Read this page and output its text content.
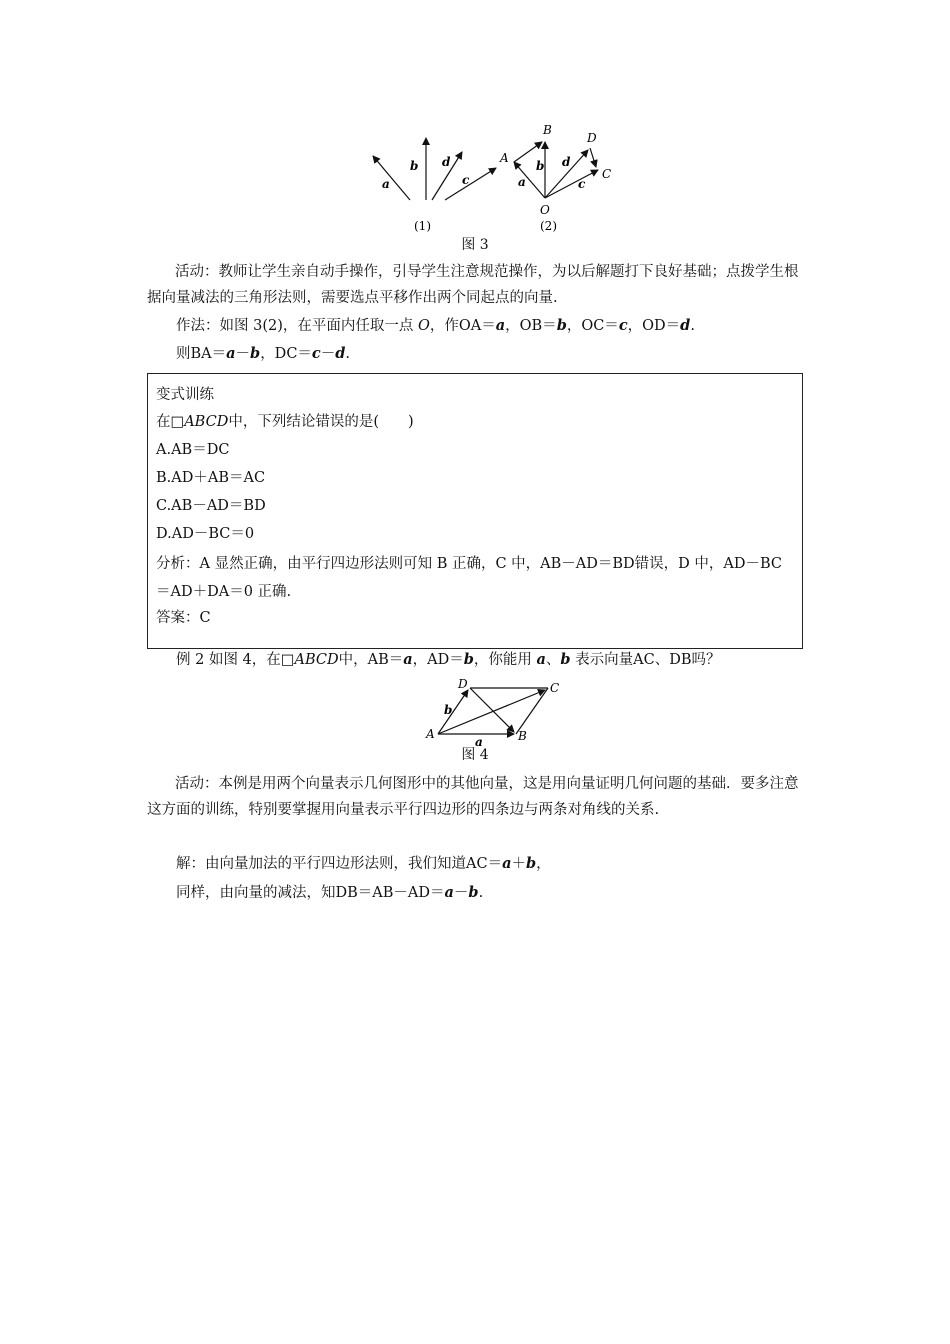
a
b d
c
(1)
A
B
D
C
O
a
b d
c
(2)
图 3
活动：教师让学生亲自动手操作，引导学生注意规范操作，为以后解题打下良好基础；点拨学生根据向量减法的三角形法则，需要选点平移作出两个同起点的向量.
作法：如图 3(2)，在平面内任取一点 O，作OA＝a，OB＝b，OC＝c，OD＝d.
则BA＝a－b，DC＝c－d.
变式训练
在□ABCD中，下列结论错误的是(　　)
A.AB＝DC
B.AD＋AB＝AC
C.AB－AD＝BD
D.AD－BC＝0
分析：A 显然正确，由平行四边形法则可知 B 正确，C 中，AB－AD＝BD错误，D 中，AD－BC＝AD＋DA＝0 正确.
答案：C
例 2 如图 4，在□ABCD中，AB＝a，AD＝b，你能用 a、b 表示向量AC、DB吗？
D	C
A	B
b
a
图 4
活动：本例是用两个向量表示几何图形中的其他向量，这是用向量证明几何问题的基础．要多注意这方面的训练，特别要掌握用向量表示平行四边形的四条边与两条对角线的关系.
解：由向量加法的平行四边形法则，我们知道AC＝a＋b，
同样，由向量的减法，知DB＝AB－AD＝a－b.
